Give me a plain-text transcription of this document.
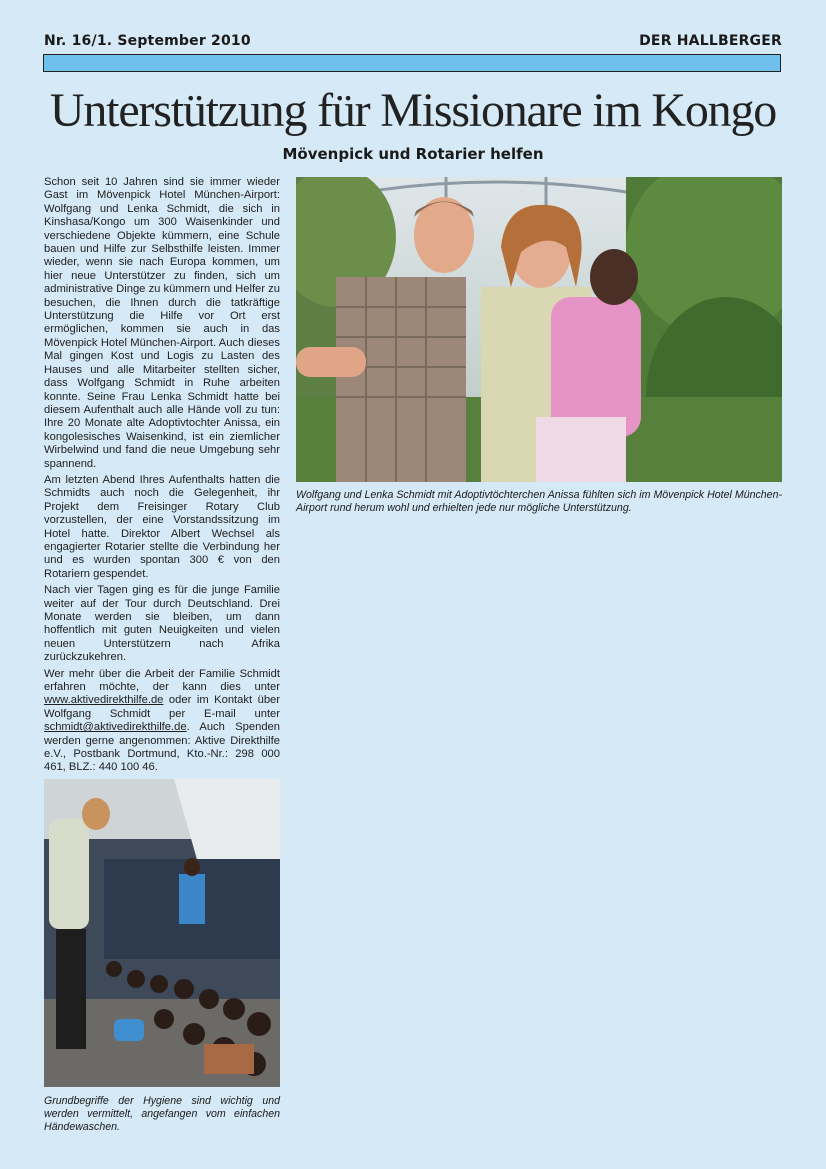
Nr. 16/1. September 2010	DER HALLBERGER
Unterstützung für Missionare im Kongo
Mövenpick und Rotarier helfen

Schon seit 10 Jahren sind sie immer wieder Gast im Mövenpick Hotel München-Airport: Wolfgang und Lenka Schmidt, die sich in Kinshasa/Kongo um 300 Waisenkinder und verschiedene Objekte kümmern, eine Schule bauen und Hilfe zur Selbsthilfe leisten. Immer wieder, wenn sie nach Europa kommen, um hier neue Unterstützer zu finden, sich um administrative Dinge zu kümmern und Helfer zu besuchen, die Ihnen durch die tatkräftige Unterstützung die Hilfe vor Ort erst ermöglichen, kommen sie auch in das Mövenpick Hotel München-Airport. Auch dieses Mal gingen Kost und Logis zu Lasten des Hauses und alle Mitarbeiter stellten sicher, dass Wolfgang Schmidt in Ruhe arbeiten konnte. Seine Frau Lenka Schmidt hatte bei diesem Aufenthalt auch alle Hände voll zu tun: Ihre 20 Monate alte Adoptivtochter Anissa, ein kongolesisches Waisenkind, ist ein ziemlicher Wirbelwind und fand die neue Umgebung sehr spannend.

Am letzten Abend Ihres Aufenthalts hatten die Schmidts auch noch die Gelegenheit, ihr Projekt dem Freisinger Rotary Club vorzustellen, der eine Vorstandssitzung im Hotel hatte. Direktor Albert Wechsel als engagierter Rotarier stellte die Verbindung her und es wurden spontan 300 € von den Rotariern gespendet.

Nach vier Tagen ging es für die junge Familie weiter auf der Tour durch Deutschland. Drei Monate werden sie bleiben, um dann hoffentlich mit guten Neuigkeiten und vielen neuen Unterstützern nach Afrika zurückzukehren.

Wer mehr über die Arbeit der Familie Schmidt erfahren möchte, der kann dies unter www.aktivedirekthilfe.de oder im Kontakt über Wolfgang Schmidt per E-mail unter schmidt@aktivedirekthilfe.de. Auch Spenden werden gerne angenommen: Aktive Direkthilfe e.V., Postbank Dortmund, Kto.-Nr.: 298 000 461, BLZ.: 440 100 46.

Wolfgang und Lenka Schmidt mit Adoptivtöchterchen Anissa fühlten sich im Mövenpick Hotel München-Airport rund herum wohl und erhielten jede nur mögliche Unterstützung.
Grundbegriffe der Hygiene sind wichtig und werden vermittelt, angefangen vom einfachen Händewaschen.
